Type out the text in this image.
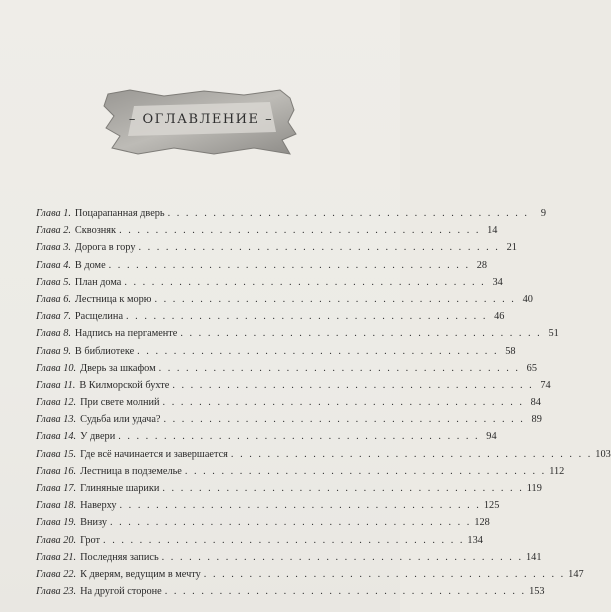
– ОГЛАВЛЕНИЕ –
Глава 1. Поцарапанная дверь . . . . . . . . . . . . . . . . . . . . . . . . . . . . . . . . . . . . . . . .	9
Глава 2. Сквозняк . . . . . . . . . . . . . . . . . . . . . . . . . . . . . . . . . . . . . . . . 14
Глава 3. Дорога в гору . . . . . . . . . . . . . . . . . . . . . . . . . . . . . . . . . . . . . . . . 21
Глава 4. В доме . . . . . . . . . . . . . . . . . . . . . . . . . . . . . . . . . . . . . . . . 28
Глава 5. План дома . . . . . . . . . . . . . . . . . . . . . . . . . . . . . . . . . . . . . . . . 34
Глава 6. Лестница к морю . . . . . . . . . . . . . . . . . . . . . . . . . . . . . . . . . . . . . . . . 40
Глава 7. Расщелина . . . . . . . . . . . . . . . . . . . . . . . . . . . . . . . . . . . . . . . . 46
Глава 8. Надпись на пергаменте . . . . . . . . . . . . . . . . . . . . . . . . . . . . . . . . . . . . . . . . 51
Глава 9. В библиотеке . . . . . . . . . . . . . . . . . . . . . . . . . . . . . . . . . . . . . . . . 58
Глава 10. Дверь за шкафом . . . . . . . . . . . . . . . . . . . . . . . . . . . . . . . . . . . . . . . . 65
Глава 11. В Килморской бухте . . . . . . . . . . . . . . . . . . . . . . . . . . . . . . . . . . . . . . . . 74
Глава 12. При свете молний . . . . . . . . . . . . . . . . . . . . . . . . . . . . . . . . . . . . . . . . 84
Глава 13. Судьба или удача? . . . . . . . . . . . . . . . . . . . . . . . . . . . . . . . . . . . . . . . . 89
Глава 14. У двери . . . . . . . . . . . . . . . . . . . . . . . . . . . . . . . . . . . . . . . . 94
Глава 15. Где всё начинается и завершается . . . . . . . . . . . . . . . . . . . . . . . . . . . . . . . . . . . . . . . . 103
Глава 16. Лестница в подземелье . . . . . . . . . . . . . . . . . . . . . . . . . . . . . . . . . . . . . . . . 112
Глава 17. Глиняные шарики . . . . . . . . . . . . . . . . . . . . . . . . . . . . . . . . . . . . . . . . 119
Глава 18. Наверху . . . . . . . . . . . . . . . . . . . . . . . . . . . . . . . . . . . . . . . . 125
Глава 19. Внизу . . . . . . . . . . . . . . . . . . . . . . . . . . . . . . . . . . . . . . . . 128
Глава 20. Грот . . . . . . . . . . . . . . . . . . . . . . . . . . . . . . . . . . . . . . . . 134
Глава 21. Последняя запись . . . . . . . . . . . . . . . . . . . . . . . . . . . . . . . . . . . . . . . . 141
Глава 22. К дверям, ведущим в мечту . . . . . . . . . . . . . . . . . . . . . . . . . . . . . . . . . . . . . . . . 147
Глава 23. На другой стороне . . . . . . . . . . . . . . . . . . . . . . . . . . . . . . . . . . . . . . . . 153
